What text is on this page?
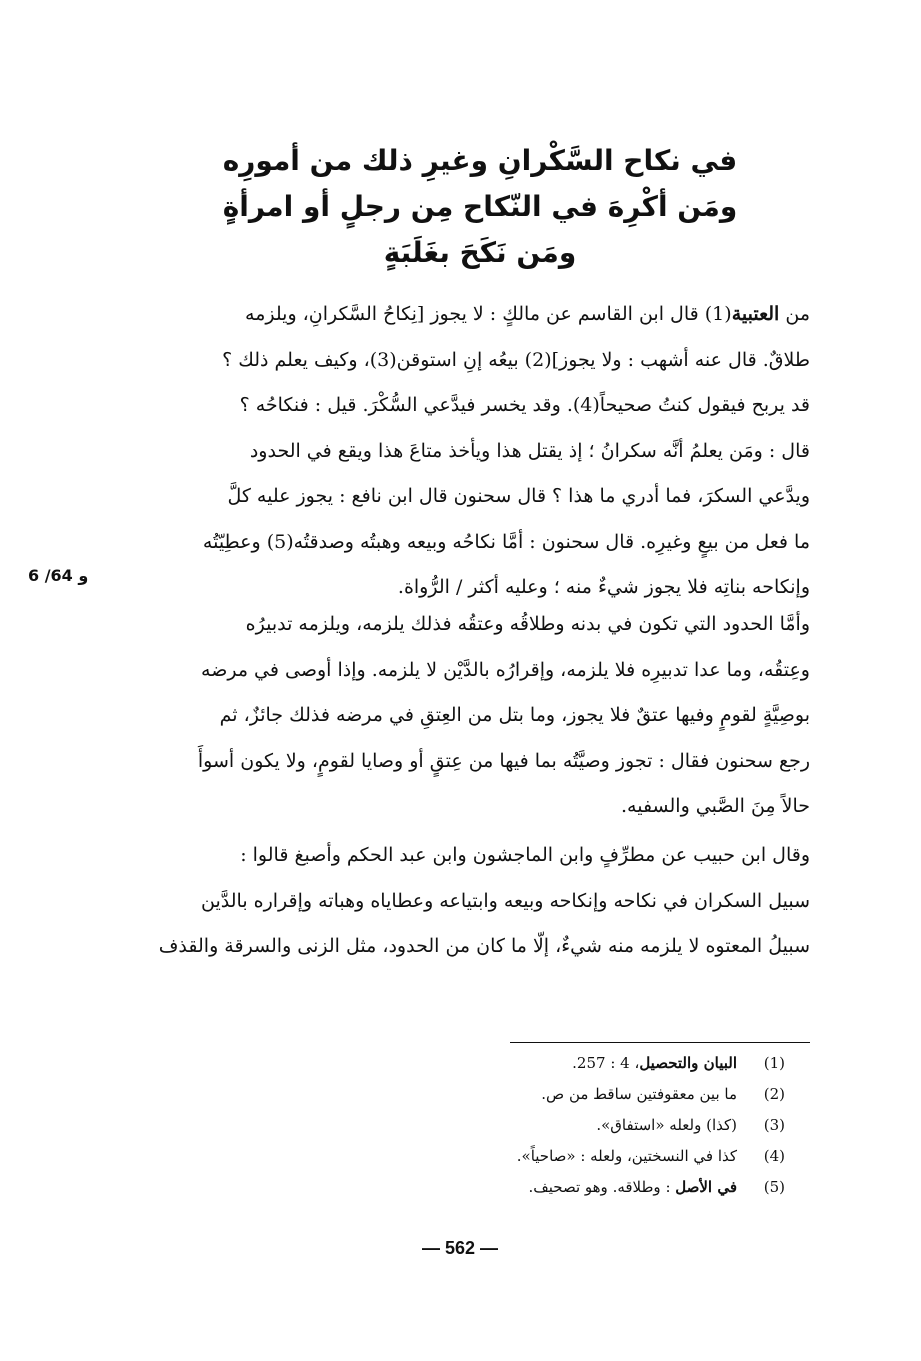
في نكاح السَّكْرانِ وغيرِ ذلك من أمورِه
ومَن أكْرِهَ في النّكاح مِن رجلٍ أو امرأةٍ
ومَن نَكَحَ بغَلَبَةٍ
من العتبية(1) قال ابن القاسم عن مالكٍ : لا يجوز [نِكاحُ السَّكرانِ، ويلزمه
طلاقٌ. قال عنه أشهب : ولا يجوز](2) بيعُه إنِ استوقن(3)، وكيف يعلم ذلك ؟
قد يربح فيقول كنتُ صحيحاً(4). وقد يخسر فيدَّعي السُّكْرَ. قيل : فنكاحُه ؟
قال : ومَن يعلمُ أنَّه سكرانُ ؛ إذ يقتل هذا ويأخذ متاعَ هذا ويقع في الحدود
ويدَّعي السكرَ، فما أدري ما هذا ؟ قال سحنون قال ابن نافع : يجوز عليه كلَّ
ما فعل من بيعٍ وغيرِه. قال سحنون : أمَّا نكاحُه وبيعه وهبتُه وصدقتُه(5) وعطِيّتُه
وإنكاحه بناتِه فلا يجوز شيءٌ منه ؛ وعليه أكثر / الرُّواة.
6 /64 و
وأمَّا الحدود التي تكون في بدنه وطلاقُه وعتقُه فذلك يلزمه، ويلزمه تدبيرُه
وعِتقُه، وما عدا تدبيرِه فلا يلزمه، وإقرارُه بالدَّيْن لا يلزمه. وإذا أوصى في مرضه
بوصِيَّةٍ لقومٍ وفيها عتقٌ فلا يجوز، وما بتل من العِتقِ في مرضه فذلك جائزٌ، ثم
رجع سحنون فقال : تجوز وصيَّتُه بما فيها من عِتقٍ أو وصايا لقومٍ، ولا يكون أسوأَ
حالاً مِنَ الصَّبي والسفيه.
وقال ابن حبيب عن مطرِّفٍ وابن الماجشون وابن عبد الحكم وأصبغ قالوا :
سبيل السكران في نكاحه وإنكاحه وبيعه وابتياعه وعطاياه وهباته وإقراره بالدَّين
سبيلُ المعتوه لا يلزمه منه شيءٌ، إلّا ما كان من الحدود، مثل الزنى والسرقة والقذف
(1)
البيان والتحصيل، 4 : 257.
(2)
ما بين معقوفتين ساقط من ص.
(3)
(كذا) ولعله «استفاق».
(4)
كذا في النسختين، ولعله : «صاحياً».
(5)
في الأصل : وطلاقه. وهو تصحيف.
— 562 —
